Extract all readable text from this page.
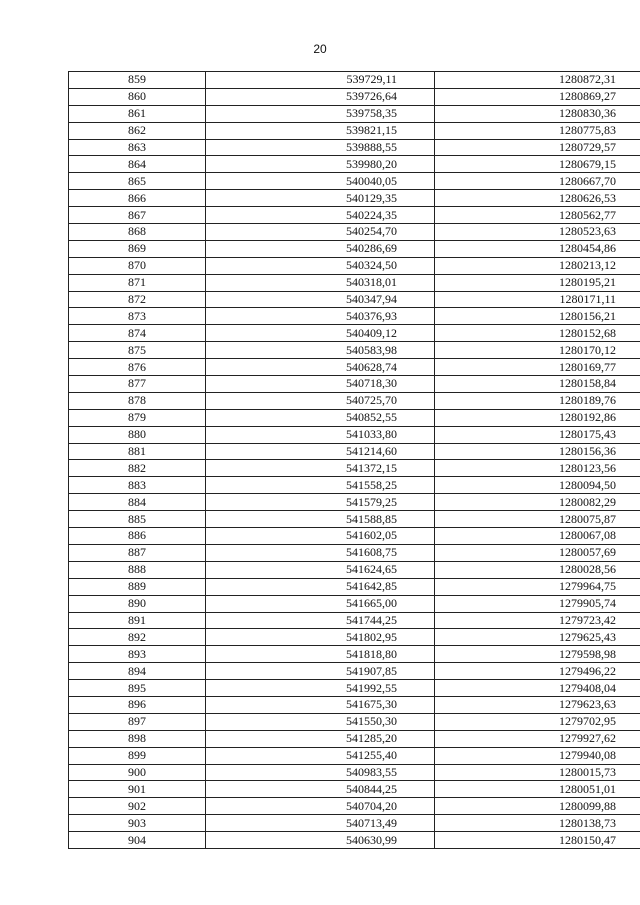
20
859	539729,11	1280872,31
860	539726,64	1280869,27
861	539758,35	1280830,36
862	539821,15	1280775,83
863	539888,55	1280729,57
864	539980,20	1280679,15
865	540040,05	1280667,70
866	540129,35	1280626,53
867	540224,35	1280562,77
868	540254,70	1280523,63
869	540286,69	1280454,86
870	540324,50	1280213,12
871	540318,01	1280195,21
872	540347,94	1280171,11
873	540376,93	1280156,21
874	540409,12	1280152,68
875	540583,98	1280170,12
876	540628,74	1280169,77
877	540718,30	1280158,84
878	540725,70	1280189,76
879	540852,55	1280192,86
880	541033,80	1280175,43
881	541214,60	1280156,36
882	541372,15	1280123,56
883	541558,25	1280094,50
884	541579,25	1280082,29
885	541588,85	1280075,87
886	541602,05	1280067,08
887	541608,75	1280057,69
888	541624,65	1280028,56
889	541642,85	1279964,75
890	541665,00	1279905,74
891	541744,25	1279723,42
892	541802,95	1279625,43
893	541818,80	1279598,98
894	541907,85	1279496,22
895	541992,55	1279408,04
896	541675,30	1279623,63
897	541550,30	1279702,95
898	541285,20	1279927,62
899	541255,40	1279940,08
900	540983,55	1280015,73
901	540844,25	1280051,01
902	540704,20	1280099,88
903	540713,49	1280138,73
904	540630,99	1280150,47
